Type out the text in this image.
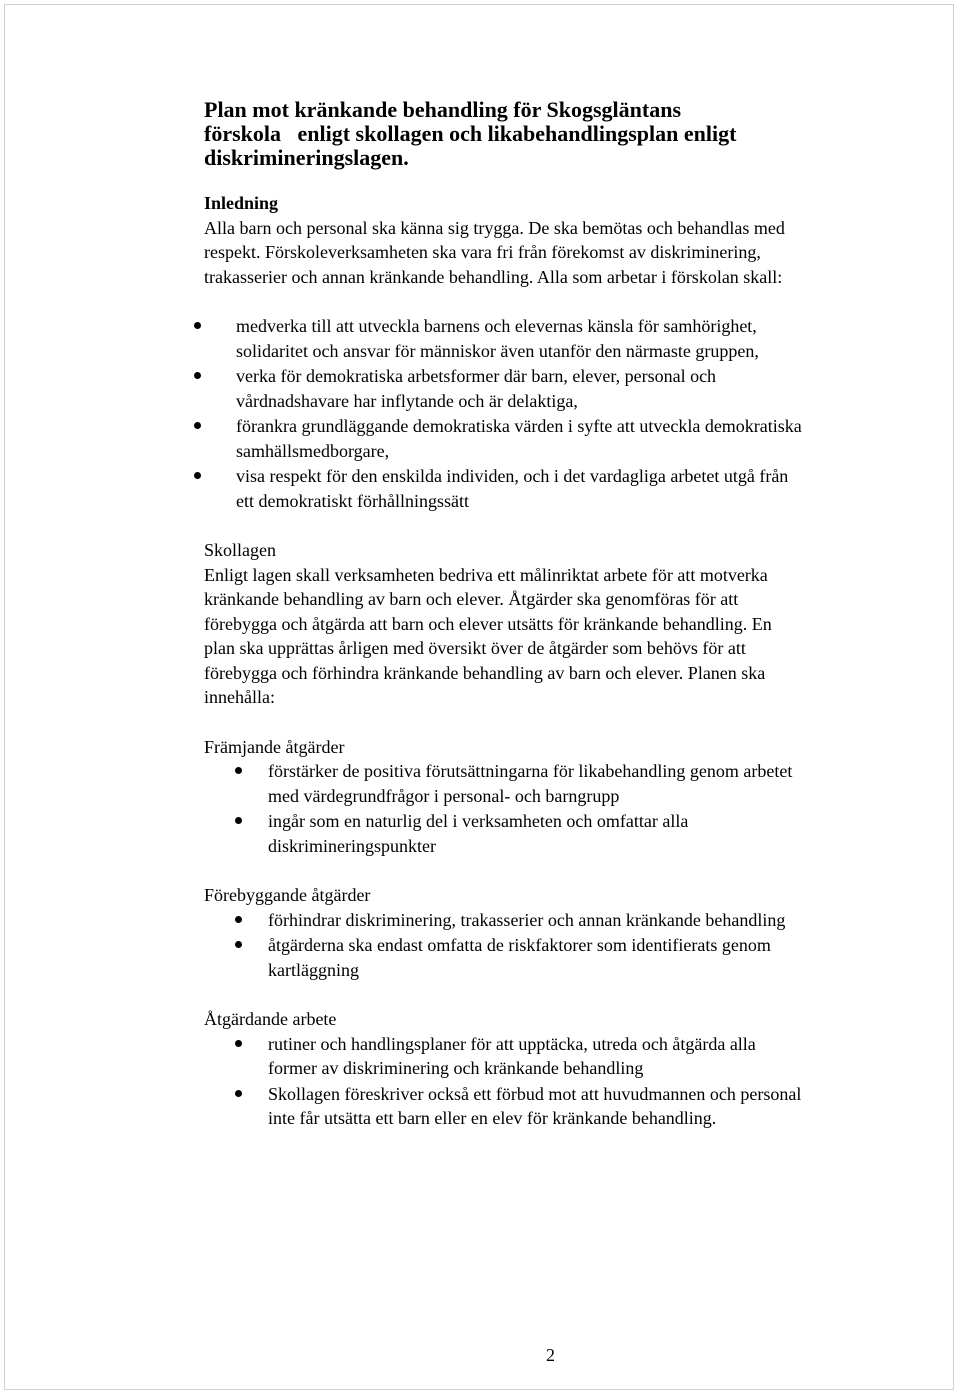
Plan mot kränkande behandling för Skogsgläntans
förskola   enligt skollagen och likabehandlingsplan enligt
diskrimineringslagen.
Inledning
Alla barn och personal ska känna sig trygga. De ska bemötas och behandlas med
respekt. Förskoleverksamheten ska vara fri från förekomst av diskriminering,
trakasserier och annan kränkande behandling. Alla som arbetar i förskolan skall:
medverka till att utveckla barnens och elevernas känsla för samhörighet,
solidaritet och ansvar för människor även utanför den närmaste gruppen,
verka för demokratiska arbetsformer där barn, elever, personal och
vårdnadshavare har inflytande och är delaktiga,
förankra grundläggande demokratiska värden i syfte att utveckla demokratiska
samhällsmedborgare,
visa respekt för den enskilda individen, och i det vardagliga arbetet utgå från
ett demokratiskt förhållningssätt
Skollagen
Enligt lagen skall verksamheten bedriva ett målinriktat arbete för att motverka
kränkande behandling av barn och elever. Åtgärder ska genomföras för att
förebygga och åtgärda att barn och elever utsätts för kränkande behandling. En
plan ska upprättas årligen med översikt över de åtgärder som behövs för att
förebygga och förhindra kränkande behandling av barn och elever. Planen ska
innehålla:
Främjande åtgärder
förstärker de positiva förutsättningarna för likabehandling genom arbetet
med värdegrundfrågor i personal- och barngrupp
ingår som en naturlig del i verksamheten och omfattar alla
diskrimineringspunkter
Förebyggande åtgärder
förhindrar diskriminering, trakasserier och annan kränkande behandling
åtgärderna ska endast omfatta de riskfaktorer som identifierats genom
kartläggning
Åtgärdande arbete
rutiner och handlingsplaner för att upptäcka, utreda och åtgärda alla
former av diskriminering och kränkande behandling
Skollagen föreskriver också ett förbud mot att huvudmannen och personal
inte får utsätta ett barn eller en elev för kränkande behandling.
2
